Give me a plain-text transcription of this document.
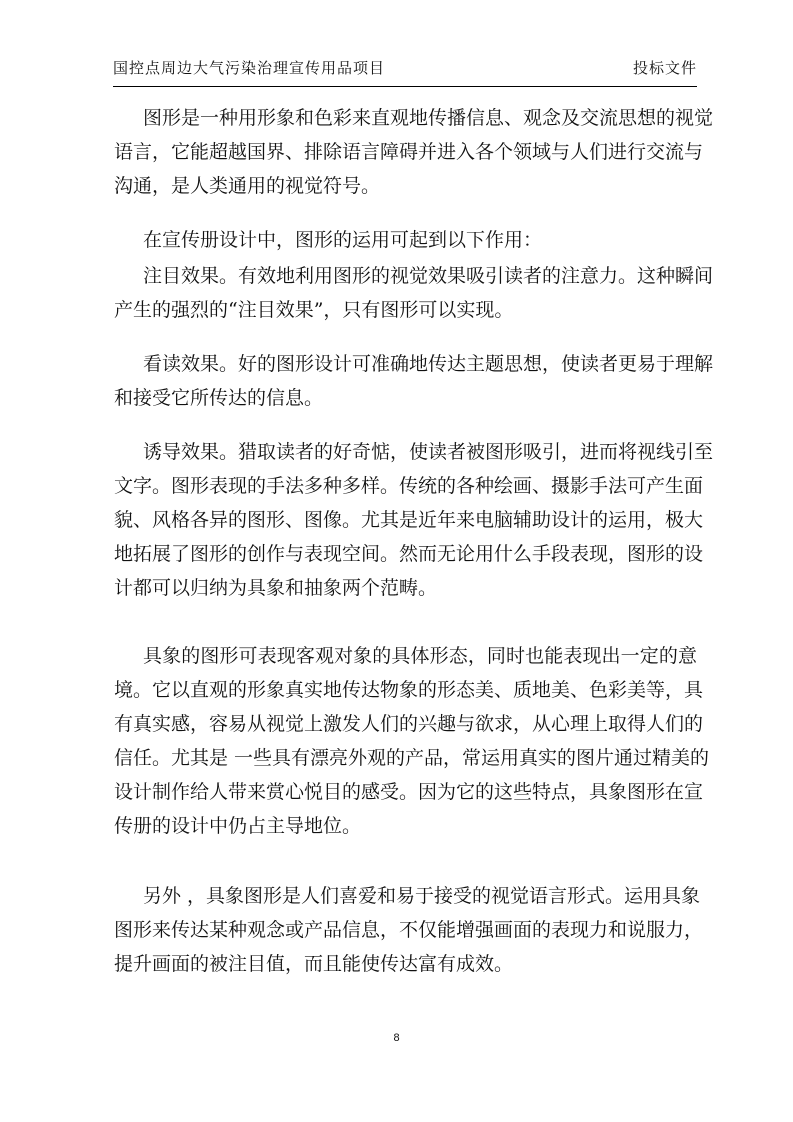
国控点周边大气污染治理宣传用品项目	投标文件
图形是一种用形象和色彩来直观地传播信息、观念及交流思想的视觉
语言，它能超越国界、排除语言障碍并进入各个领域与人们进行交流与
沟通，是人类通用的视觉符号。
在宣传册设计中，图形的运用可起到以下作用：
注目效果。有效地利用图形的视觉效果吸引读者的注意力。这种瞬间
产生的强烈的“注目效果”，只有图形可以实现。
看读效果。好的图形设计可准确地传达主题思想，使读者更易于理解
和接受它所传达的信息。
诱导效果。猎取读者的好奇惦，使读者被图形吸引，进而将视线引至
文字。图形表现的手法多种多样。传统的各种绘画、摄影手法可产生面
貌、风格各异的图形、图像。尤其是近年来电脑辅助设计的运用，极大
地拓展了图形的创作与表现空间。然而无论用什么手段表现，图形的设
计都可以归纳为具象和抽象两个范畴。
具象的图形可表现客观对象的具体形态，同时也能表现出一定的意
境。它以直观的形象真实地传达物象的形态美、质地美、色彩美等，具
有真实感，容易从视觉上激发人们的兴趣与欲求，从心理上取得人们的
信任。尤其是 一些具有漂亮外观的产品，常运用真实的图片通过精美的
设计制作给人带来赏心悦目的感受。因为它的这些特点，具象图形在宣
传册的设计中仍占主导地位。
另外 ，具象图形是人们喜爱和易于接受的视觉语言形式。运用具象
图形来传达某种观念或产品信息，不仅能增强画面的表现力和说服力，
提升画面的被注目值，而且能使传达富有成效。
8
